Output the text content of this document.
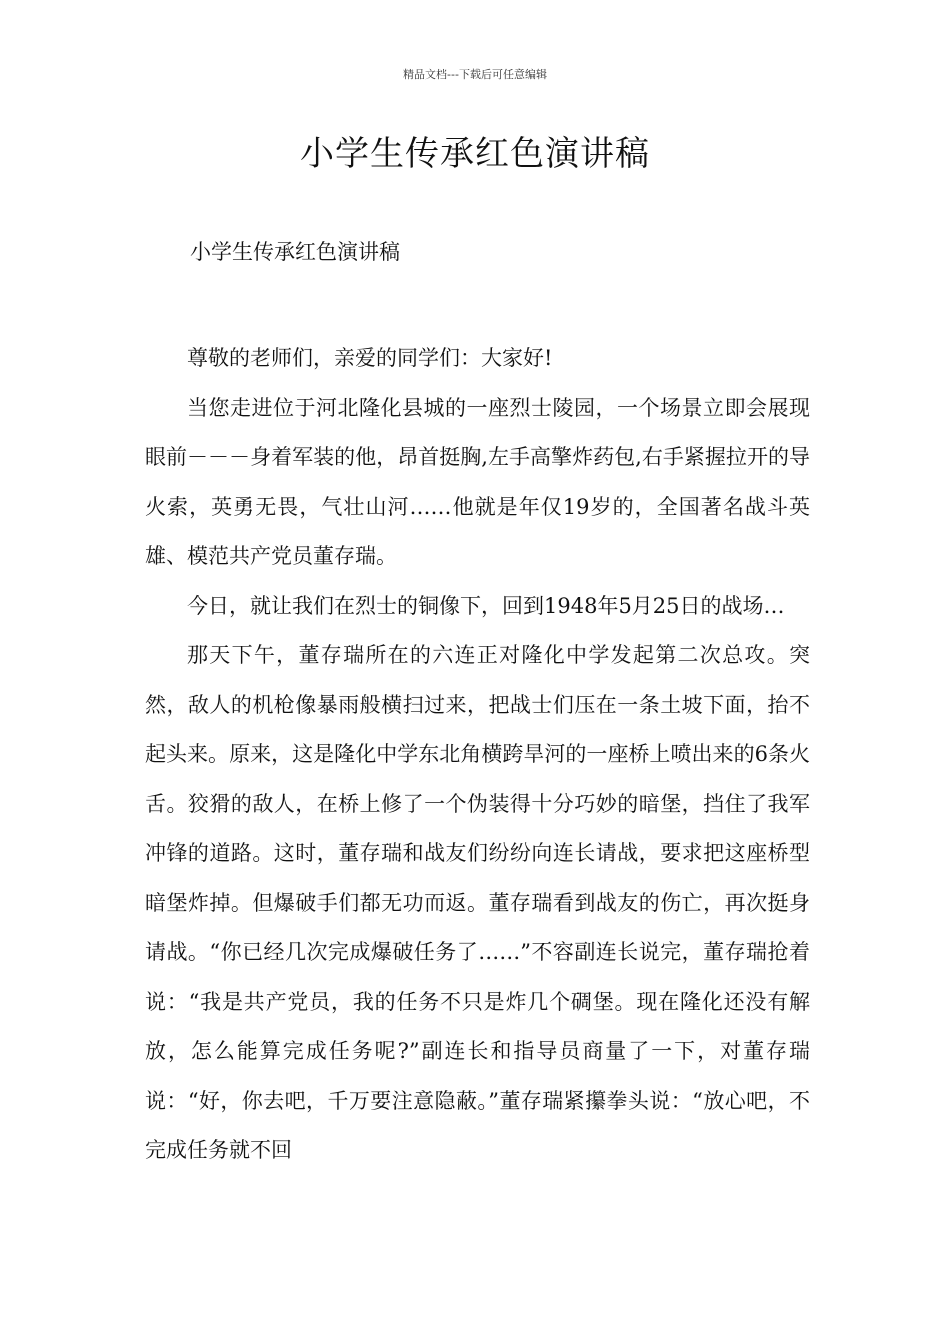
精品文档---下载后可任意编辑
小学生传承红色演讲稿
小学生传承红色演讲稿

尊敬的老师们，亲爱的同学们：大家好!

当您走进位于河北隆化县城的一座烈士陵园，一个场景立即会展现眼前－－－身着军装的他，昂首挺胸,左手高擎炸药包,右手紧握拉开的导火索，英勇无畏，气壮山河……他就是年仅19岁的，全国著名战斗英雄、模范共产党员董存瑞。

今日，就让我们在烈士的铜像下，回到1948年5月25日的战场…

那天下午，董存瑞所在的六连正对隆化中学发起第二次总攻。突然，敌人的机枪像暴雨般横扫过来，把战士们压在一条土坡下面，抬不起头来。原来，这是隆化中学东北角横跨旱河的一座桥上喷出来的6条火舌。狡猾的敌人，在桥上修了一个伪装得十分巧妙的暗堡，挡住了我军冲锋的道路。这时，董存瑞和战友们纷纷向连长请战，要求把这座桥型暗堡炸掉。但爆破手们都无功而返。董存瑞看到战友的伤亡，再次挺身请战。“你已经几次完成爆破任务了……”不容副连长说完，董存瑞抢着说：“我是共产党员，我的任务不只是炸几个碉堡。现在隆化还没有解放，怎么能算完成任务呢?”副连长和指导员商量了一下，对董存瑞说：“好，你去吧，千万要注意隐蔽。”董存瑞紧攥拳头说：“放心吧，不完成任务就不回
